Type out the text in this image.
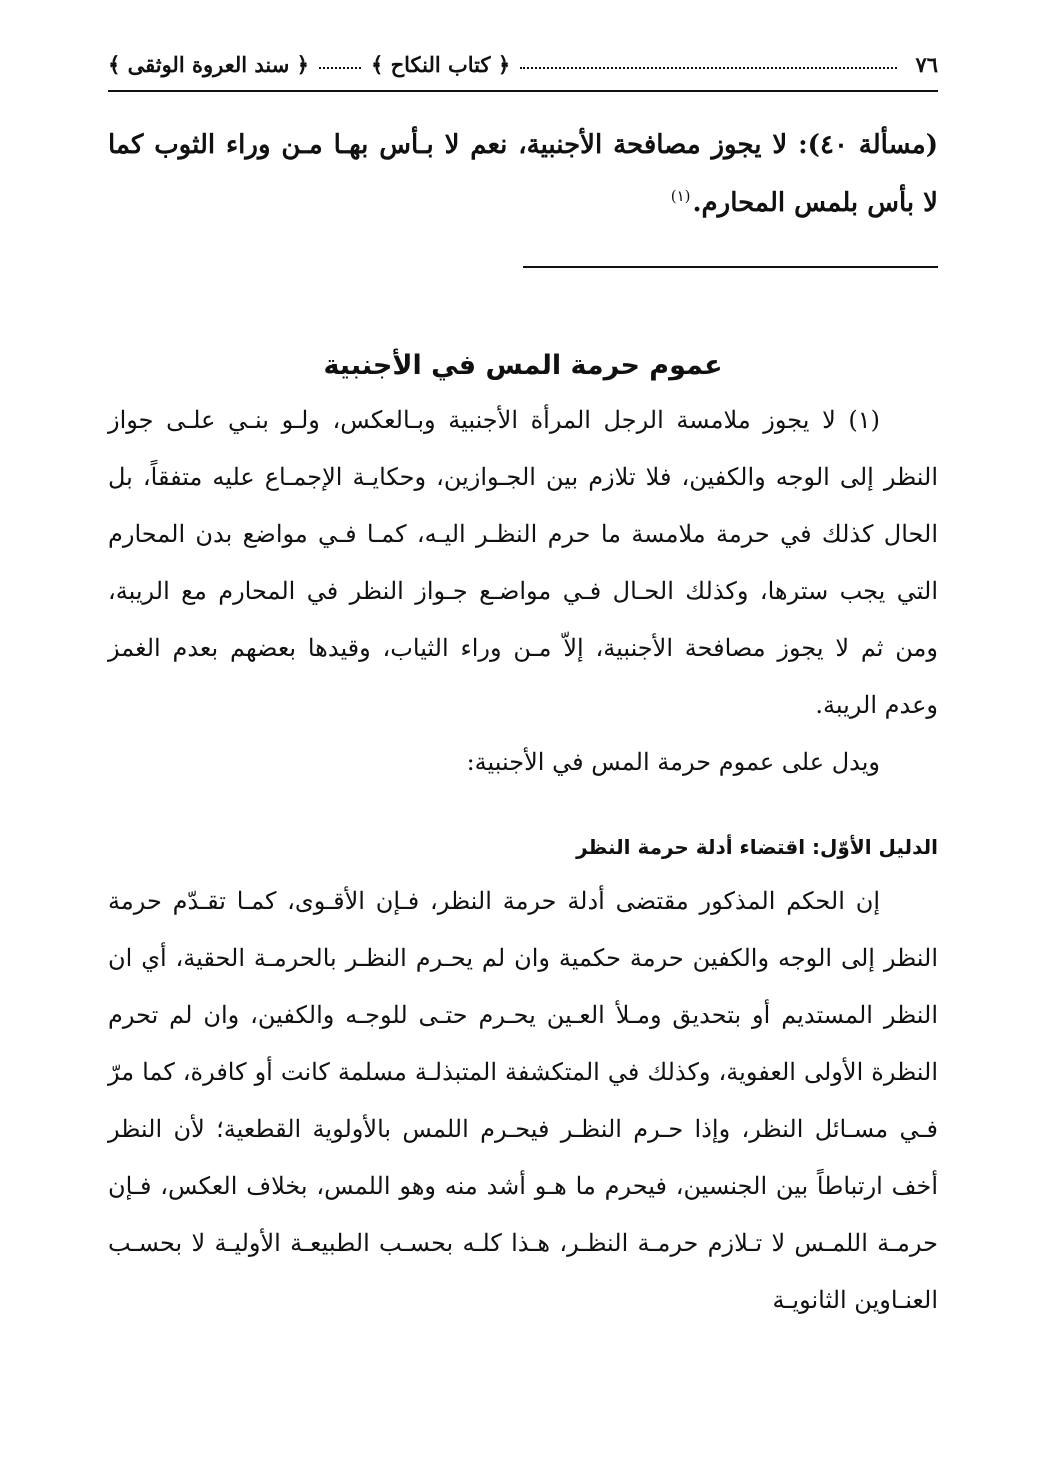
٧٦
﴿ كتاب النكاح ﴾
﴿ سند العروة الوثقى ﴾
(مسألة ٤٠): لا يجوز مصافحة الأجنبية، نعم لا بـأس بهـا مـن وراء الثوب كما لا بأس بلمس المحارم.$^{(١)}$
عموم حرمة المس في الأجنبية

(١) لا يجوز ملامسة الرجل المرأة الأجنبية وبـالعكس، ولـو بنـي علـى جواز النظر إلى الوجه والكفين، فلا تلازم بين الجـوازين، وحكايـة الإجمـاع عليه متفقاً، بل الحال كذلك في حرمة ملامسة ما حرم النظـر اليـه، كمـا فـي مواضع بدن المحارم التي يجب سترها، وكذلك الحـال فـي مواضـع جـواز النظر في المحارم مع الريبة، ومن ثم لا يجوز مصافحة الأجنبية، إلاّ مـن وراء الثياب، وقيدها بعضهم بعدم الغمز وعدم الريبة.

ويدل على عموم حرمة المس في الأجنبية:

الدليل الأوّل: اقتضاء أدلة حرمة النظر

إن الحكم المذكور مقتضى أدلة حرمة النظر، فـإن الأقـوى، كمـا تقـدّم حرمة النظر إلى الوجه والكفين حرمة حكمية وان لم يحـرم النظـر بالحرمـة الحقية، أي ان النظر المستديم أو بتحديق ومـلأ العـين يحـرم حتـى للوجـه والكفين، وان لم تحرم النظرة الأولى العفوية، وكذلك في المتكشفة المتبذلـة مسلمة كانت أو كافرة، كما مرّ فـي مسـائل النظر، وإذا حـرم النظـر فيحـرم اللمس بالأولوية القطعية؛ لأن النظر أخف ارتباطاً بين الجنسين، فيحرم ما هـو أشد منه وهو اللمس، بخلاف العكس، فـإن حرمـة اللمـس لا تـلازم حرمـة النظـر، هـذا كلـه بحسـب الطبيعـة الأوليـة لا بحسـب العنـاوين الثانويـة
